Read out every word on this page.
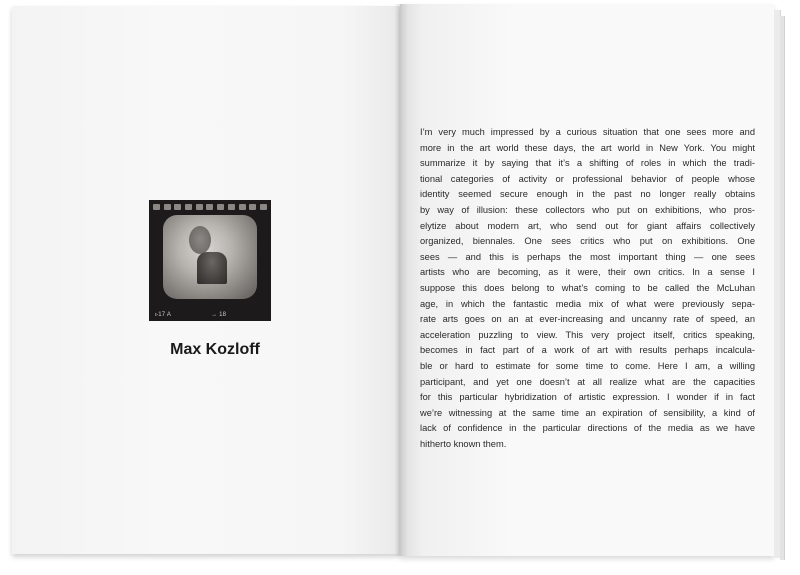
▹17 A	→ 18
Max Kozloff

I’m very much impressed by a curious situation that one sees more and
more in the art world these days, the art world in New York. You might
summarize it by saying that it’s a shifting of roles in which the tradi-
tional categories of activity or professional behavior of people whose
identity seemed secure enough in the past no longer really obtains
by way of illusion: these collectors who put on exhibitions, who pros-
elytize about modern art, who send out for giant affairs collectively
organized, biennales. One sees critics who put on exhibitions. One
sees — and this is perhaps the most important thing — one sees
artists who are becoming, as it were, their own critics. In a sense I
suppose this does belong to what’s coming to be called the McLuhan
age, in which the fantastic media mix of what were previously sepa-
rate arts goes on an at ever-increasing and uncanny rate of speed, an
acceleration puzzling to view. This very project itself, critics speaking,
becomes in fact part of a work of art with results perhaps incalcula-
ble or hard to estimate for some time to come. Here I am, a willing
participant, and yet one doesn’t at all realize what are the capacities
for this particular hybridization of artistic expression. I wonder if in fact
we’re witnessing at the same time an expiration of sensibility, a kind of
lack of confidence in the particular directions of the media as we have
hitherto known them.
